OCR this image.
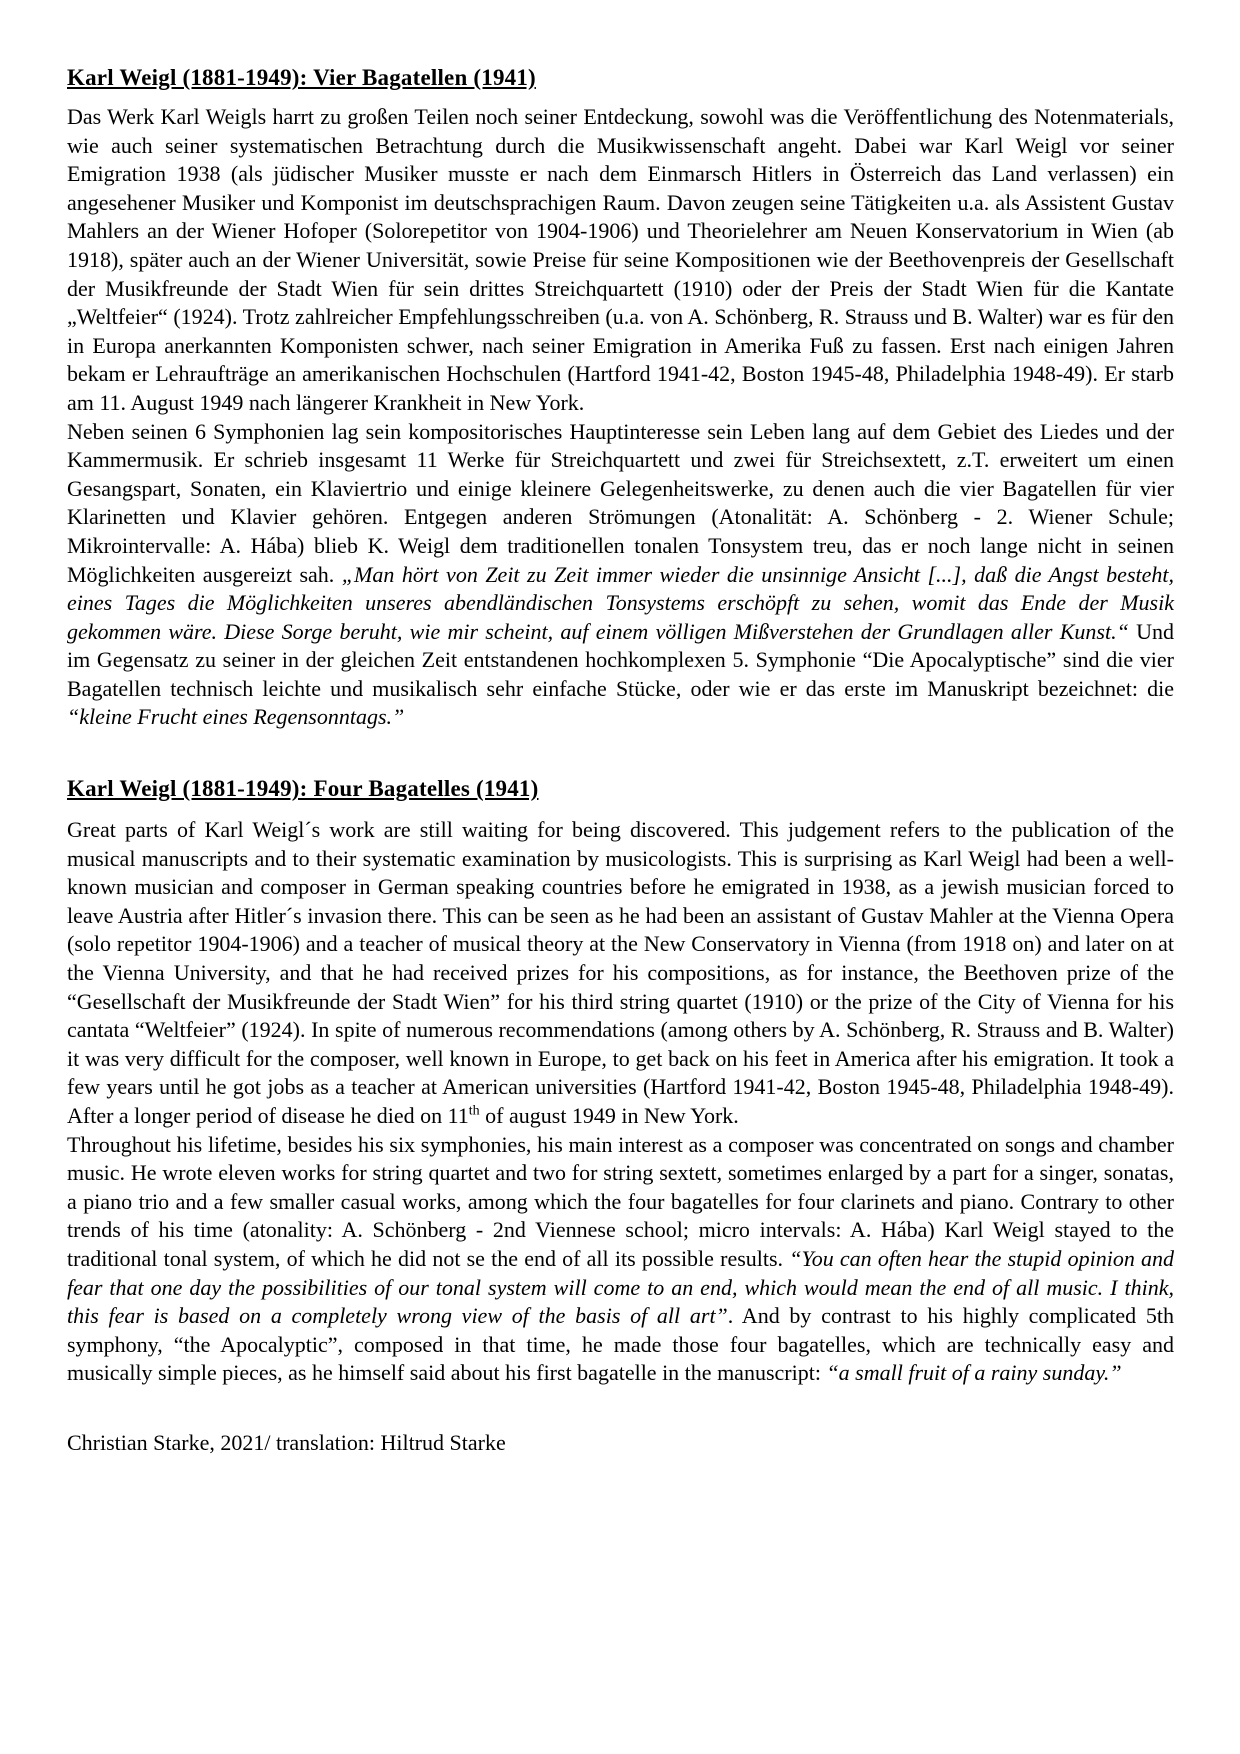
Karl Weigl (1881-1949): Vier Bagatellen (1941)

Das Werk Karl Weigls harrt zu großen Teilen noch seiner Entdeckung, sowohl was die Veröffentlichung des Notenmaterials, wie auch seiner systematischen Betrachtung durch die Musikwissenschaft angeht. Dabei war Karl Weigl vor seiner Emigration 1938 (als jüdischer Musiker musste er nach dem Einmarsch Hitlers in Österreich das Land verlassen) ein angesehener Musiker und Komponist im deutschsprachigen Raum. Davon zeugen seine Tätigkeiten u.a. als Assistent Gustav Mahlers an der Wiener Hofoper (Solorepetitor von 1904-1906) und Theorielehrer am Neuen Konservatorium in Wien (ab 1918), später auch an der Wiener Universität, sowie Preise für seine Kompositionen wie der Beethovenpreis der Gesellschaft der Musikfreunde der Stadt Wien für sein drittes Streichquartett (1910) oder der Preis der Stadt Wien für die Kantate „Weltfeier“ (1924). Trotz zahlreicher Empfehlungsschreiben (u.a. von A. Schönberg, R. Strauss und B. Walter) war es für den in Europa anerkannten Komponisten schwer, nach seiner Emigration in Amerika Fuß zu fassen. Erst nach einigen Jahren bekam er Lehraufträge an amerikanischen Hochschulen (Hartford 1941-42, Boston 1945-48, Philadelphia 1948-49). Er starb am 11. August 1949 nach längerer Krankheit in New York.

Neben seinen 6 Symphonien lag sein kompositorisches Hauptinteresse sein Leben lang auf dem Gebiet des Liedes und der Kammermusik. Er schrieb insgesamt 11 Werke für Streichquartett und zwei für Streichsextett, z.T. erweitert um einen Gesangspart, Sonaten, ein Klaviertrio und einige kleinere Gelegenheitswerke, zu denen auch die vier Bagatellen für vier Klarinetten und Klavier gehören. Entgegen anderen Strömungen (Atonalität: A. Schönberg - 2. Wiener Schule; Mikrointervalle: A. Hába) blieb K. Weigl dem traditionellen tonalen Tonsystem treu, das er noch lange nicht in seinen Möglichkeiten ausgereizt sah. „Man hört von Zeit zu Zeit immer wieder die unsinnige Ansicht [...], daß die Angst besteht, eines Tages die Möglichkeiten unseres abendländischen Tonsystems erschöpft zu sehen, womit das Ende der Musik gekommen wäre. Diese Sorge beruht, wie mir scheint, auf einem völligen Mißverstehen der Grundlagen aller Kunst.“ Und im Gegensatz zu seiner in der gleichen Zeit entstandenen hochkomplexen 5. Symphonie “Die Apocalyptische” sind die vier Bagatellen technisch leichte und musikalisch sehr einfache Stücke, oder wie er das erste im Manuskript bezeichnet: die “kleine Frucht eines Regensonntags.”

Karl Weigl (1881-1949): Four Bagatelles (1941)

Great parts of Karl Weigl´s work are still waiting for being discovered. This judgement refers to the publication of the musical manuscripts and to their systematic examination by musicologists. This is surprising as Karl Weigl had been a well-known musician and composer in German speaking countries before he emigrated in 1938, as a jewish musician forced to leave Austria after Hitler´s invasion there. This can be seen as he had been an assistant of Gustav Mahler at the Vienna Opera (solo repetitor 1904-1906) and a teacher of musical theory at the New Conservatory in Vienna (from 1918 on) and later on at the Vienna University, and that he had received prizes for his compositions, as for instance, the Beethoven prize of the “Gesellschaft der Musikfreunde der Stadt Wien” for his third string quartet (1910) or the prize of the City of Vienna for his cantata “Weltfeier” (1924). In spite of numerous recommendations (among others by A. Schönberg, R. Strauss and B. Walter) it was very difficult for the composer, well known in Europe, to get back on his feet in America after his emigration. It took a few years until he got jobs as a teacher at American universities (Hartford 1941-42, Boston 1945-48, Philadelphia 1948-49). After a longer period of disease he died on 11th of august 1949 in New York.

Throughout his lifetime, besides his six symphonies, his main interest as a composer was concentrated on songs and chamber music. He wrote eleven works for string quartet and two for string sextett, sometimes enlarged by a part for a singer, sonatas, a piano trio and a few smaller casual works, among which the four bagatelles for four clarinets and piano. Contrary to other trends of his time (atonality: A. Schönberg - 2nd Viennese school; micro intervals: A. Hába) Karl Weigl stayed to the traditional tonal system, of which he did not se the end of all its possible results. “You can often hear the stupid opinion and fear that one day the possibilities of our tonal system will come to an end, which would mean the end of all music. I think, this fear is based on a completely wrong view of the basis of all art”. And by contrast to his highly complicated 5th symphony, “the Apocalyptic”, composed in that time, he made those four bagatelles, which are technically easy and musically simple pieces, as he himself said about his first bagatelle in the manuscript: “a small fruit of a rainy sunday.”

Christian Starke, 2021/ translation: Hiltrud Starke
